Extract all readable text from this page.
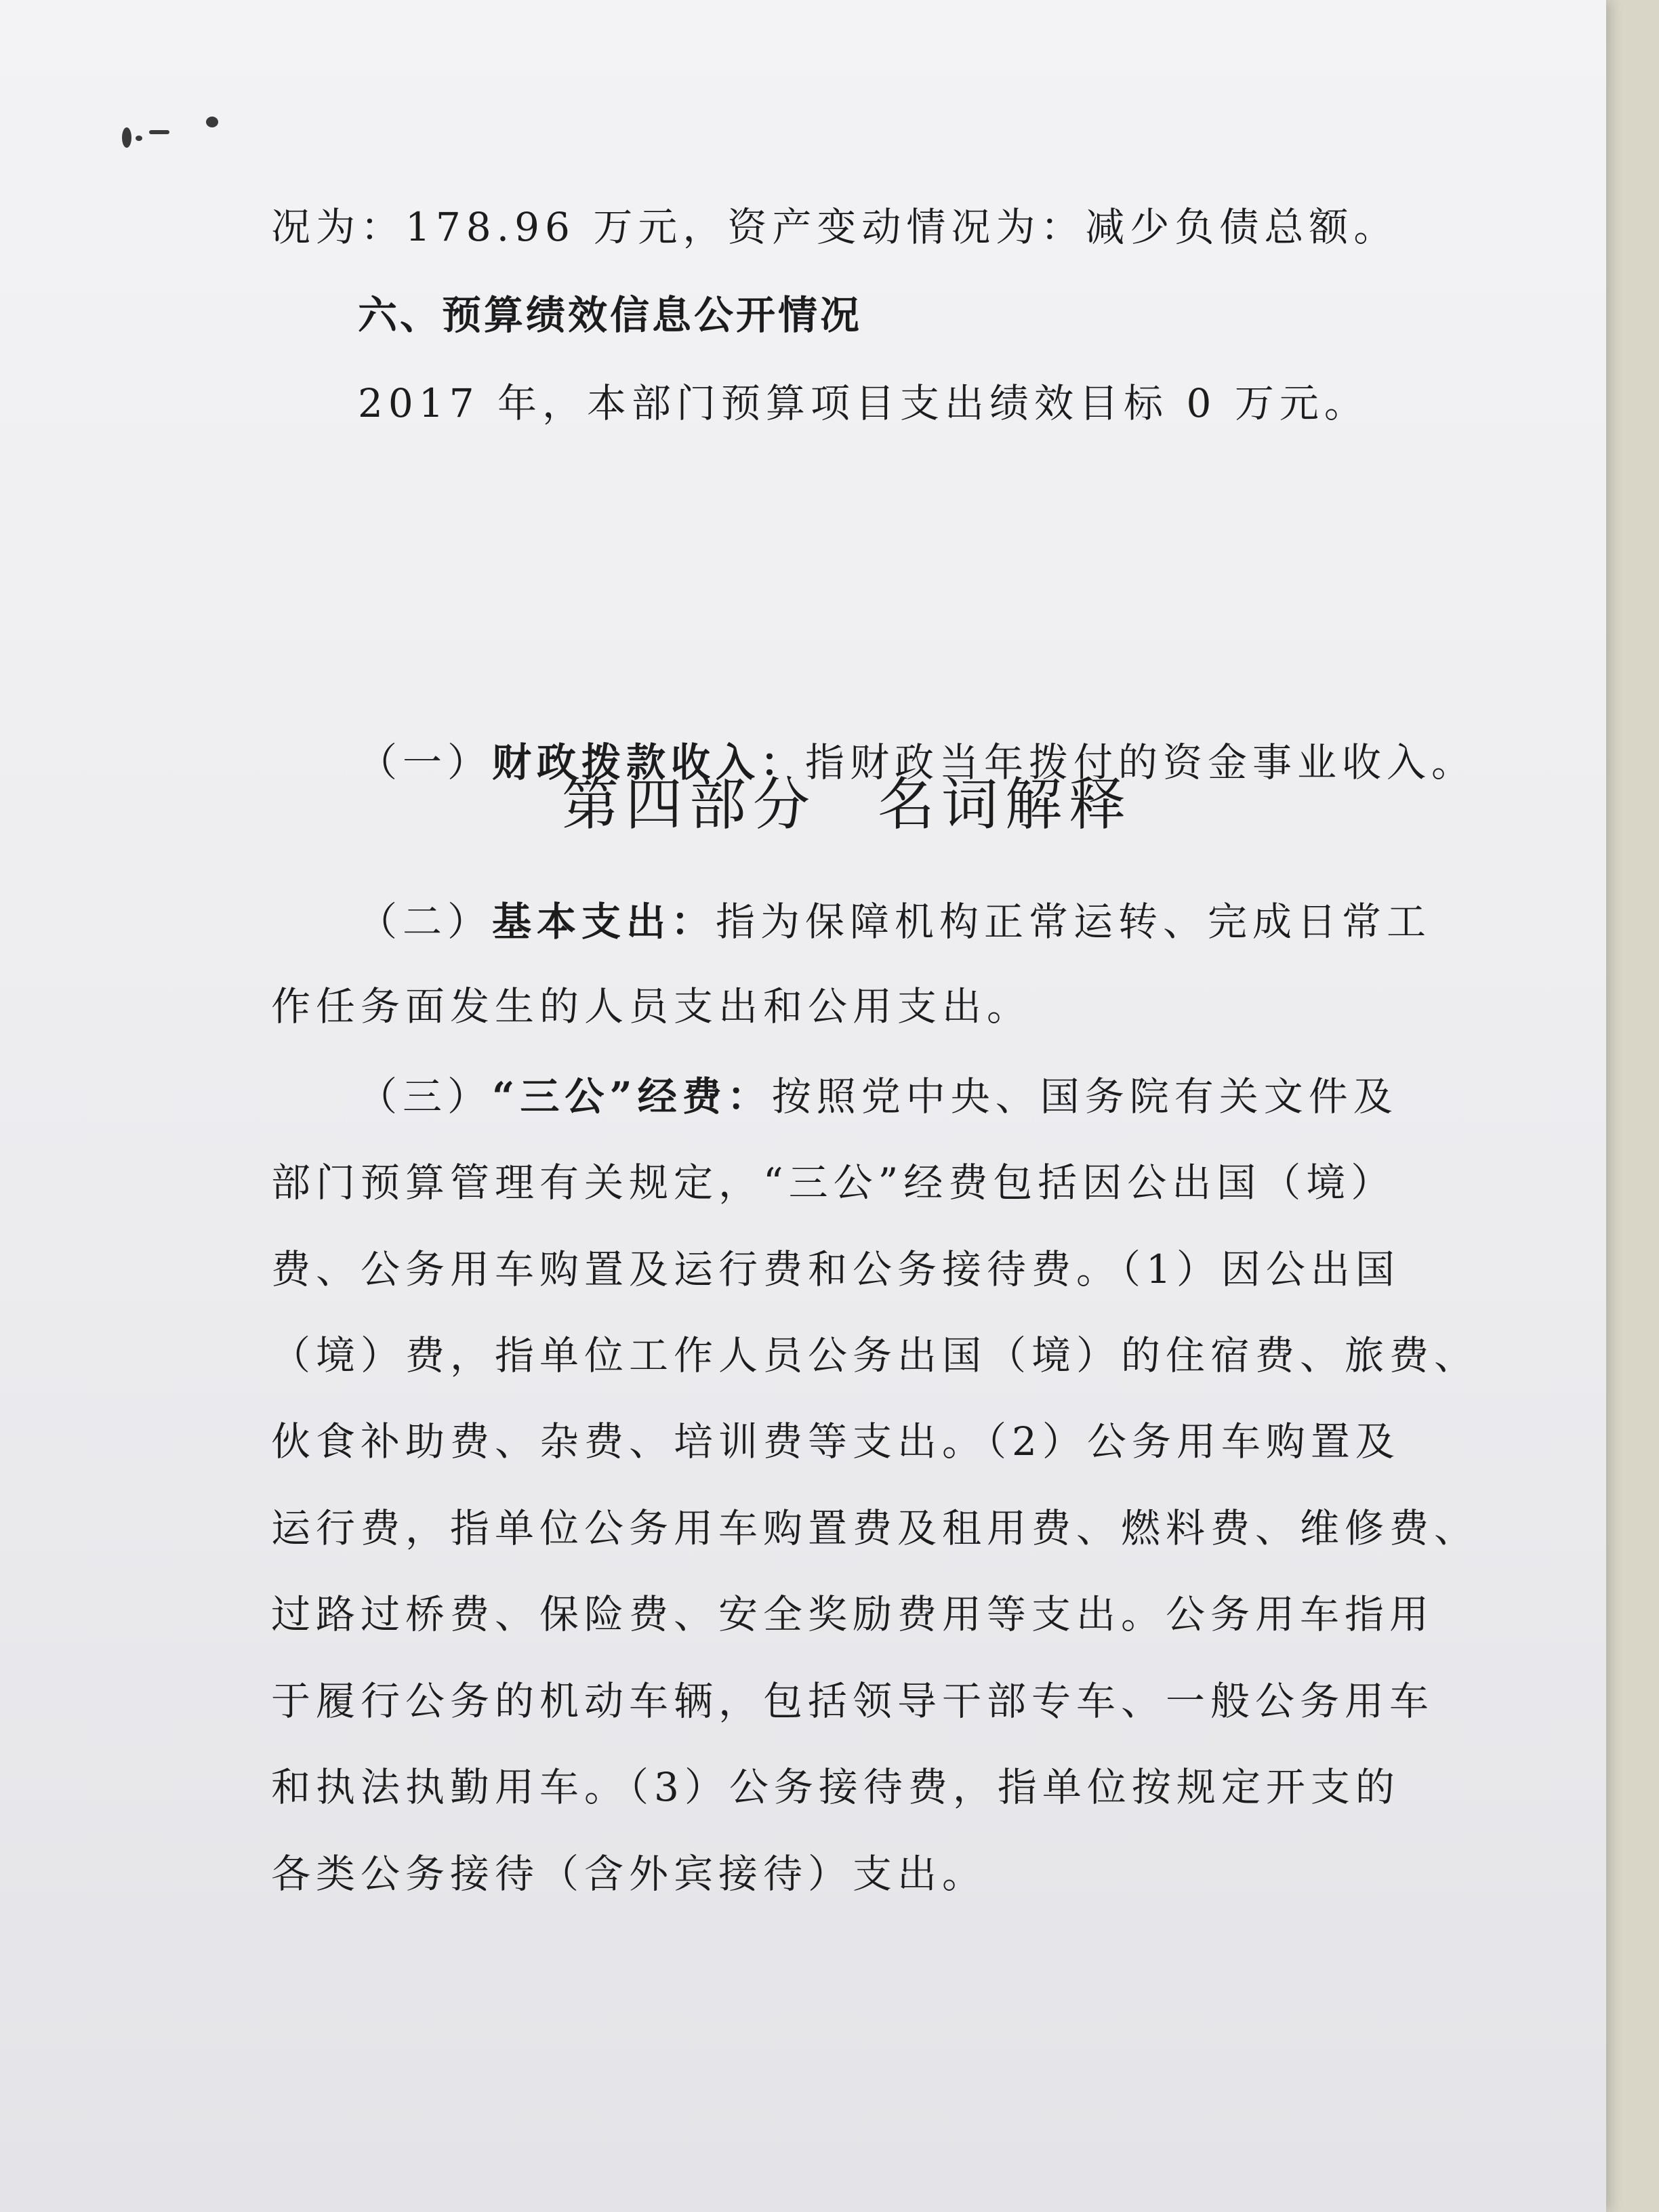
况为：178.96 万元，资产变动情况为：减少负债总额。
六、预算绩效信息公开情况
2017 年，本部门预算项目支出绩效目标 0 万元。
第四部分 名词解释
（一）财政拨款收入：指财政当年拨付的资金事业收入。
（二）基本支出：指为保障机构正常运转、完成日常工
作任务面发生的人员支出和公用支出。
（三）“三公”经费：按照党中央、国务院有关文件及
部门预算管理有关规定，“三公”经费包括因公出国（境）
费、公务用车购置及运行费和公务接待费。（1）因公出国
（境）费，指单位工作人员公务出国（境）的住宿费、旅费、
伙食补助费、杂费、培训费等支出。（2）公务用车购置及
运行费，指单位公务用车购置费及租用费、燃料费、维修费、
过路过桥费、保险费、安全奖励费用等支出。公务用车指用
于履行公务的机动车辆，包括领导干部专车、一般公务用车
和执法执勤用车。（3）公务接待费，指单位按规定开支的
各类公务接待（含外宾接待）支出。
